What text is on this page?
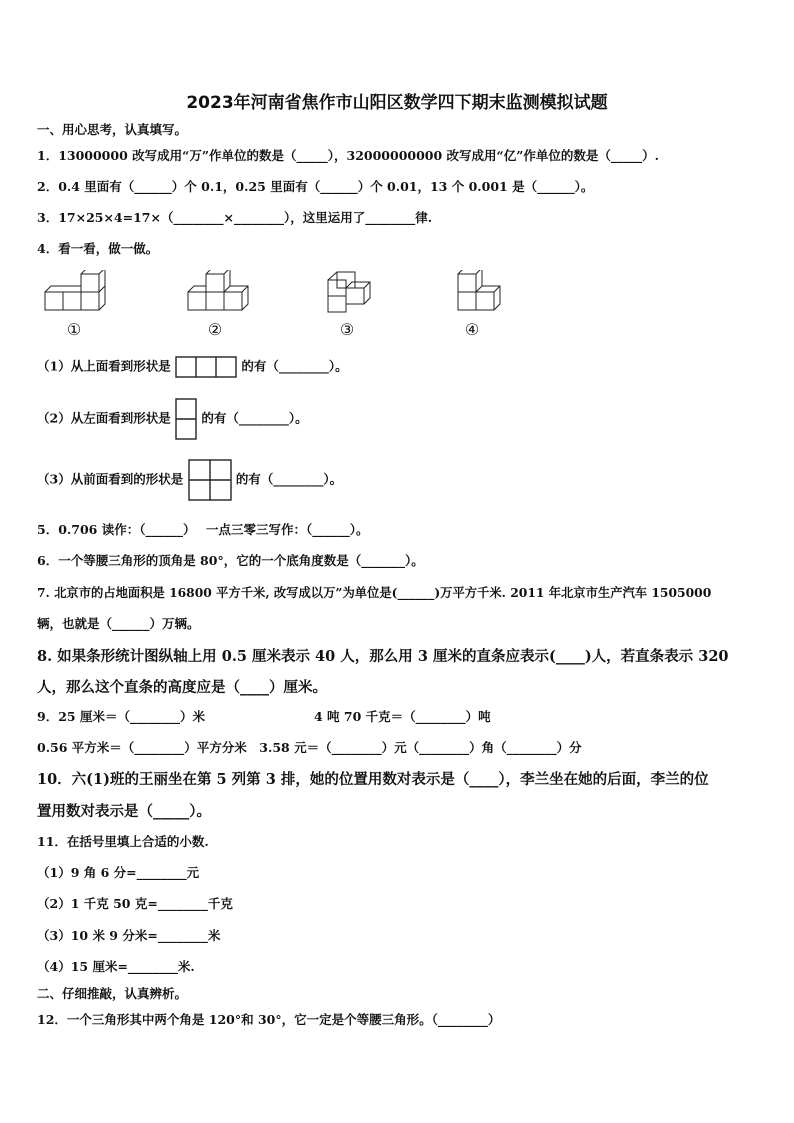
2023年河南省焦作市山阳区数学四下期末监测模拟试题
一、用心思考，认真填写。
1．13000000 改写成用“万”作单位的数是（_____），32000000000 改写成用“亿”作单位的数是（_____）.
2．0.4 里面有（______）个 0.1，0.25 里面有（______）个 0.01，13 个 0.001 是（______）。
3．17×25×4=17×（________×________），这里运用了________律.
4．看一看，做一做。
①	②	③	④
（1）从上面看到形状是	的有（________）。
（2）从左面看到形状是 的有（________）。
（3）从前面看到的形状是	的有（________）。
5．0.706 读作：（______）　 一点三零三写作：（______）。
6．一个等腰三角形的顶角是 80°，它的一个底角度数是（_______）。
7. 北京市的占地面积是 16800 平方千米, 改写成以万”为单位是(______)万平方千米. 2011 年北京市生产汽车 1505000
辆，也就是（______）万辆。
8. 如果条形统计图纵轴上用 0.5 厘米表示 40 人，那么用 3 厘米的直条应表示(____)人，若直条表示 320
人，那么这个直条的高度应是（____）厘米。
9．25 厘米＝（________）米	4 吨 70 千克＝（________）吨
0.56 平方米＝（________）平方分米　3.58 元＝（________）元（________）角（________）分
10．六(1)班的王丽坐在第 5 列第 3 排，她的位置用数对表示是（____），李兰坐在她的后面，李兰的位
置用数对表示是（_____）。
11．在括号里填上合适的小数.
（1）9 角 6 分=________元
（2）1 千克 50 克=________千克
（3）10 米 9 分米=________米
（4）15 厘米=________米.
二、仔细推敲，认真辨析。
12．一个三角形其中两个角是 120°和 30°，它一定是个等腰三角形。（________）
